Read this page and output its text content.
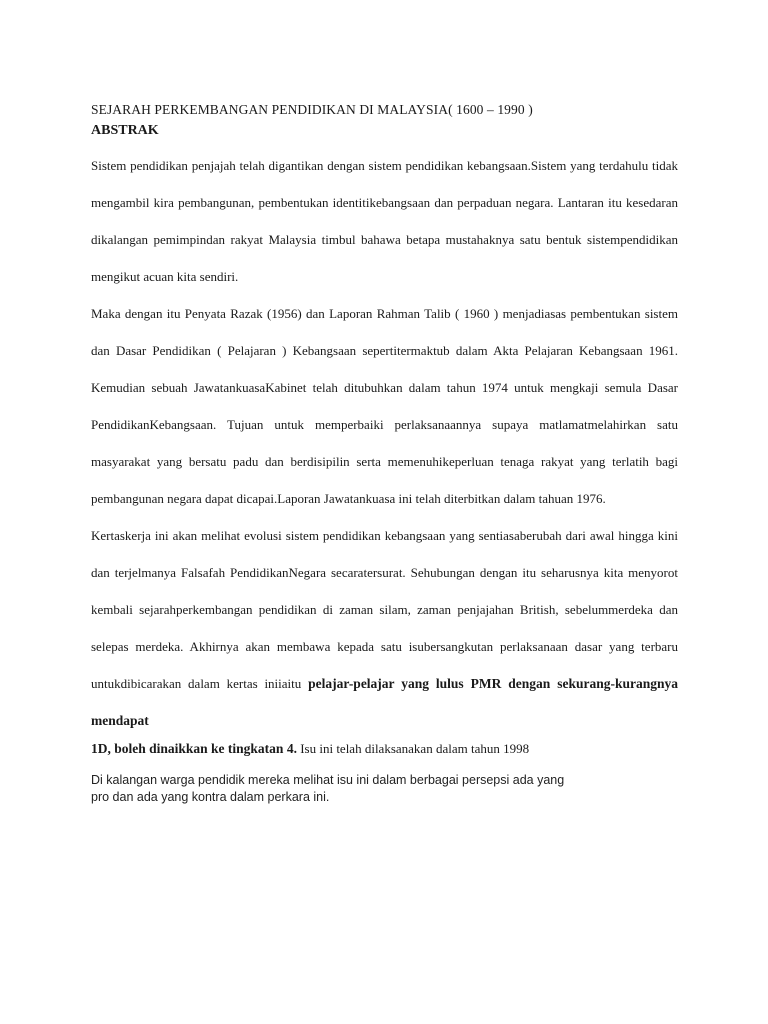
SEJARAH PERKEMBANGAN PENDIDIKAN DI MALAYSIA( 1600 – 1990 )
ABSTRAK

Sistem pendidikan penjajah telah digantikan dengan sistem pendidikan kebangsaan.Sistem yang terdahulu tidak mengambil kira pembangunan, pembentukan identitikebangsaan dan perpaduan negara. Lantaran itu kesedaran dikalangan pemimpindan rakyat Malaysia timbul bahawa betapa mustahaknya satu bentuk sistempendidikan mengikut acuan kita sendiri.

Maka dengan itu Penyata Razak (1956) dan Laporan Rahman Talib ( 1960 ) menjadiasas pembentukan sistem dan Dasar Pendidikan ( Pelajaran ) Kebangsaan sepertitermaktub dalam Akta Pelajaran Kebangsaan 1961. Kemudian sebuah JawatankuasaKabinet telah ditubuhkan dalam tahun 1974 untuk mengkaji semula Dasar PendidikanKebangsaan. Tujuan untuk memperbaiki perlaksanaannya supaya matlamatmelahirkan satu masyarakat yang bersatu padu dan berdisipilin serta memenuhikeperluan tenaga rakyat yang terlatih bagi pembangunan negara dapat dicapai.Laporan Jawatankuasa ini telah diterbitkan dalam tahuan 1976.

Kertaskerja ini akan melihat evolusi sistem pendidikan kebangsaan yang sentiasaberubah dari awal hingga kini dan terjelmanya Falsafah PendidikanNegara secaratersurat. Sehubungan dengan itu seharusnya kita menyorot kembali sejarahperkembangan pendidikan di zaman silam, zaman penjajahan British, sebelummerdeka dan selepas merdeka. Akhirnya akan membawa kepada satu isubersangkutan perlaksanaan dasar yang terbaru untukdibicarakan dalam kertas iniiaitu pelajar-pelajar yang lulus PMR dengan sekurang-kurangnya mendapat

1D, boleh dinaikkan ke tingkatan 4. Isu ini telah dilaksanakan dalam tahun 1998

Di kalangan warga pendidik mereka melihat isu ini dalam berbagai persepsi ada yang
pro dan ada yang kontra dalam perkara ini.
